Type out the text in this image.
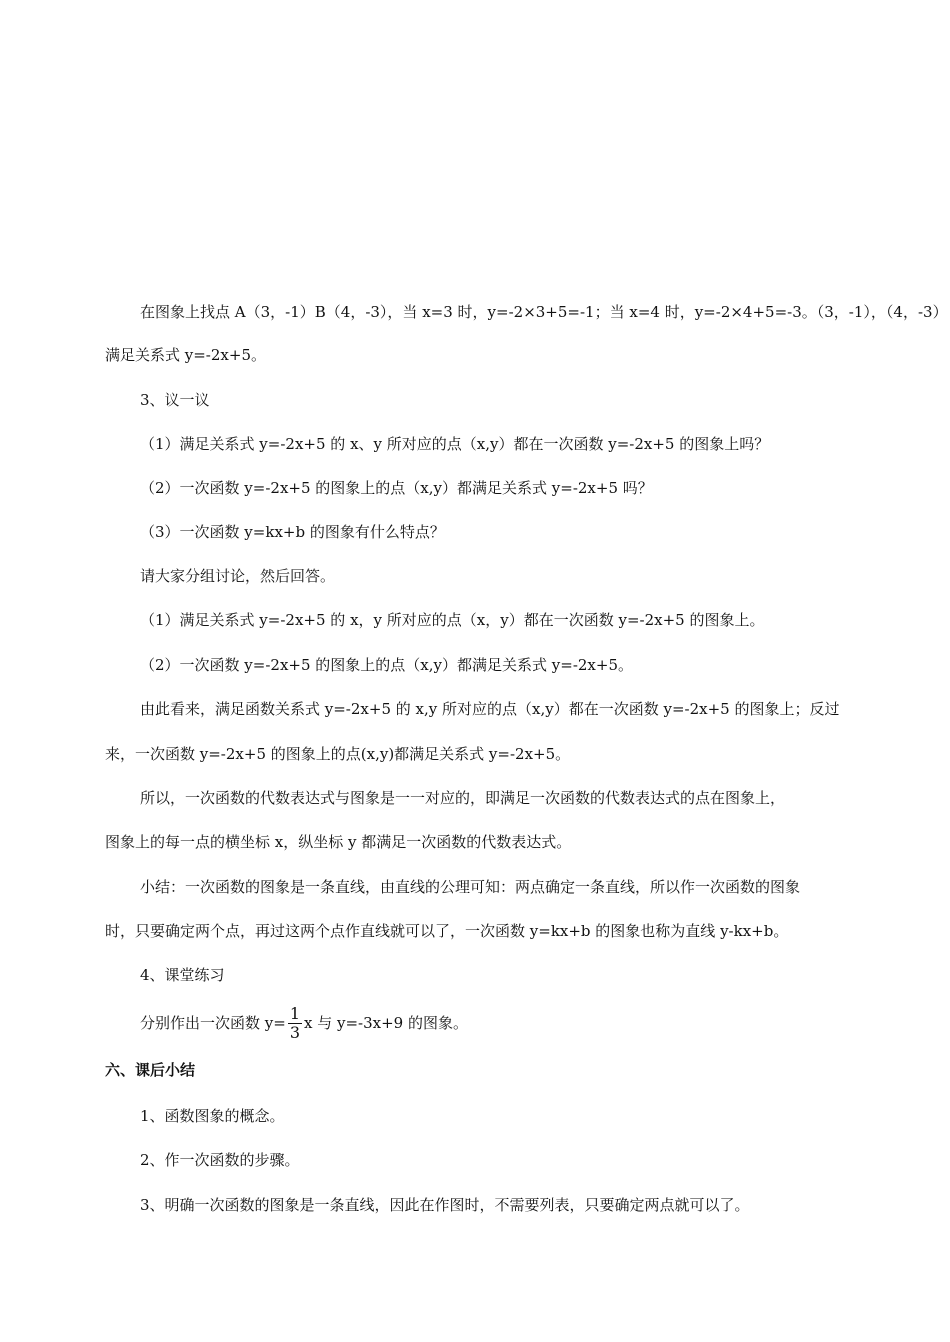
在图象上找点 A（3，-1）B（4，-3），当 x=3 时，y=-2×3+5=-1；当 x=4 时，y=-2×4+5=-3。（3，-1），（4，-3）
满足关系式 y=-2x+5。
3、议一议
（1）满足关系式 y=-2x+5 的 x、y 所对应的点（x,y）都在一次函数 y=-2x+5 的图象上吗？
（2）一次函数 y=-2x+5 的图象上的点（x,y）都满足关系式 y=-2x+5 吗？
（3）一次函数 y=kx+b 的图象有什么特点？
请大家分组讨论，然后回答。
（1）满足关系式 y=-2x+5 的 x，y 所对应的点（x，y）都在一次函数 y=-2x+5 的图象上。
（2）一次函数 y=-2x+5 的图象上的点（x,y）都满足关系式 y=-2x+5。
由此看来，满足函数关系式 y=-2x+5 的 x,y 所对应的点（x,y）都在一次函数 y=-2x+5 的图象上；反过
来，一次函数 y=-2x+5 的图象上的点(x,y)都满足关系式 y=-2x+5。
所以，一次函数的代数表达式与图象是一一对应的，即满足一次函数的代数表达式的点在图象上，
图象上的每一点的横坐标 x，纵坐标 y 都满足一次函数的代数表达式。
小结：一次函数的图象是一条直线，由直线的公理可知：两点确定一条直线，所以作一次函数的图象
时，只要确定两个点，再过这两个点作直线就可以了，一次函数 y=kx+b 的图象也称为直线 y-kx+b。
4、课堂练习
分别作出一次函数 $y= \frac{1}{3}$ x 与 y=-3x+9 的图象。
六、课后小结
1、函数图象的概念。
2、作一次函数的步骤。
3、明确一次函数的图象是一条直线，因此在作图时，不需要列表，只要确定两点就可以了。
